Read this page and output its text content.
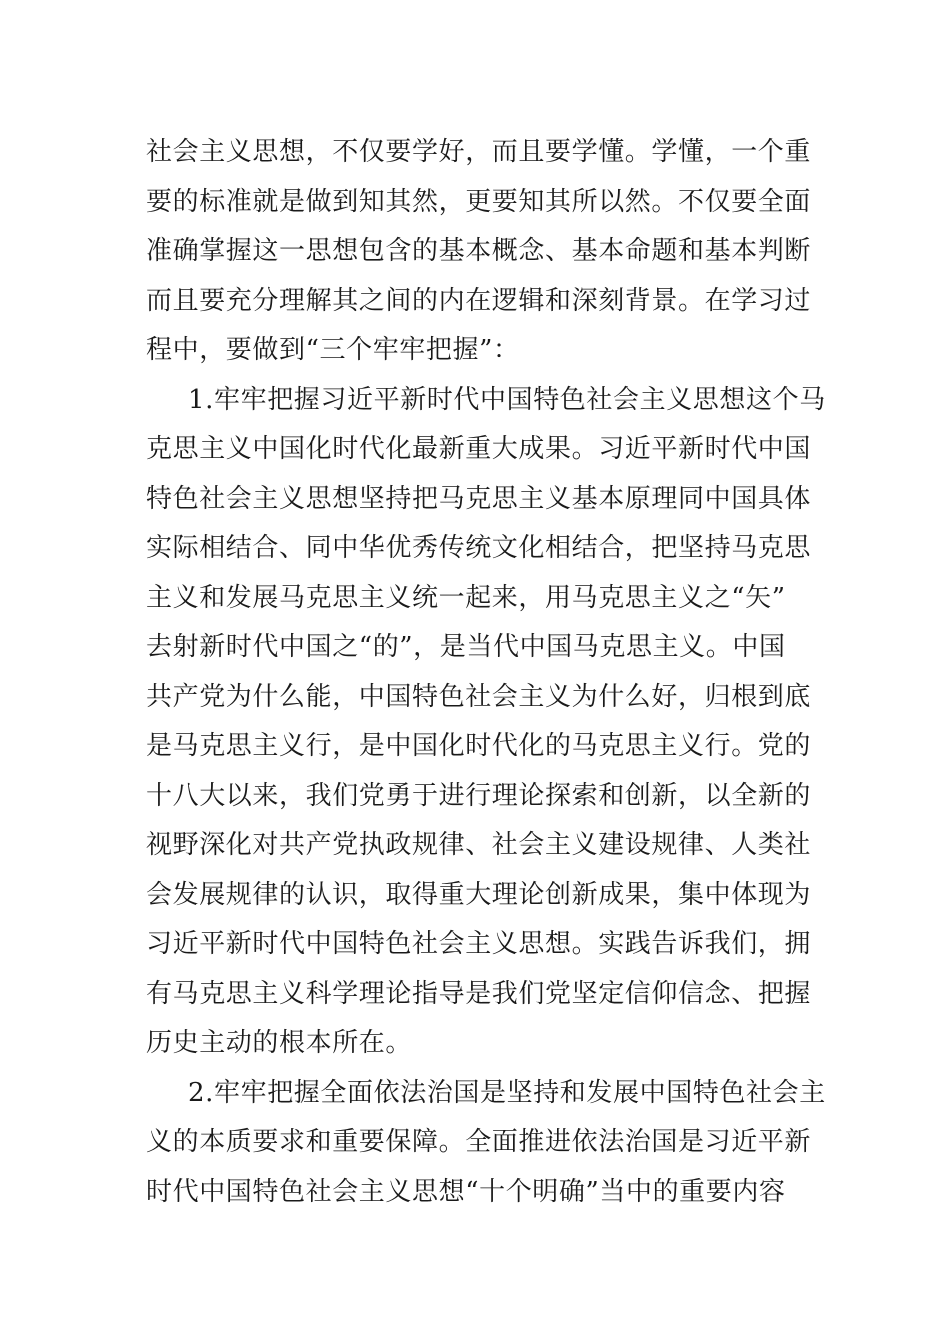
社会主义思想，不仅要学好，而且要学懂。学懂，一个重
要的标准就是做到知其然，更要知其所以然。不仅要全面
准确掌握这一思想包含的基本概念、基本命题和基本判断
而且要充分理解其之间的内在逻辑和深刻背景。在学习过
程中，要做到“三个牢牢把握”：
1.牢牢把握习近平新时代中国特色社会主义思想这个马
克思主义中国化时代化最新重大成果。习近平新时代中国
特色社会主义思想坚持把马克思主义基本原理同中国具体
实际相结合、同中华优秀传统文化相结合，把坚持马克思
主义和发展马克思主义统一起来，用马克思主义之“矢”
去射新时代中国之“的”，是当代中国马克思主义。中国
共产党为什么能，中国特色社会主义为什么好，归根到底
是马克思主义行，是中国化时代化的马克思主义行。党的
十八大以来，我们党勇于进行理论探索和创新，以全新的
视野深化对共产党执政规律、社会主义建设规律、人类社
会发展规律的认识，取得重大理论创新成果，集中体现为
习近平新时代中国特色社会主义思想。实践告诉我们，拥
有马克思主义科学理论指导是我们党坚定信仰信念、把握
历史主动的根本所在。
2.牢牢把握全面依法治国是坚持和发展中国特色社会主
义的本质要求和重要保障。全面推进依法治国是习近平新
时代中国特色社会主义思想“十个明确”当中的重要内容
